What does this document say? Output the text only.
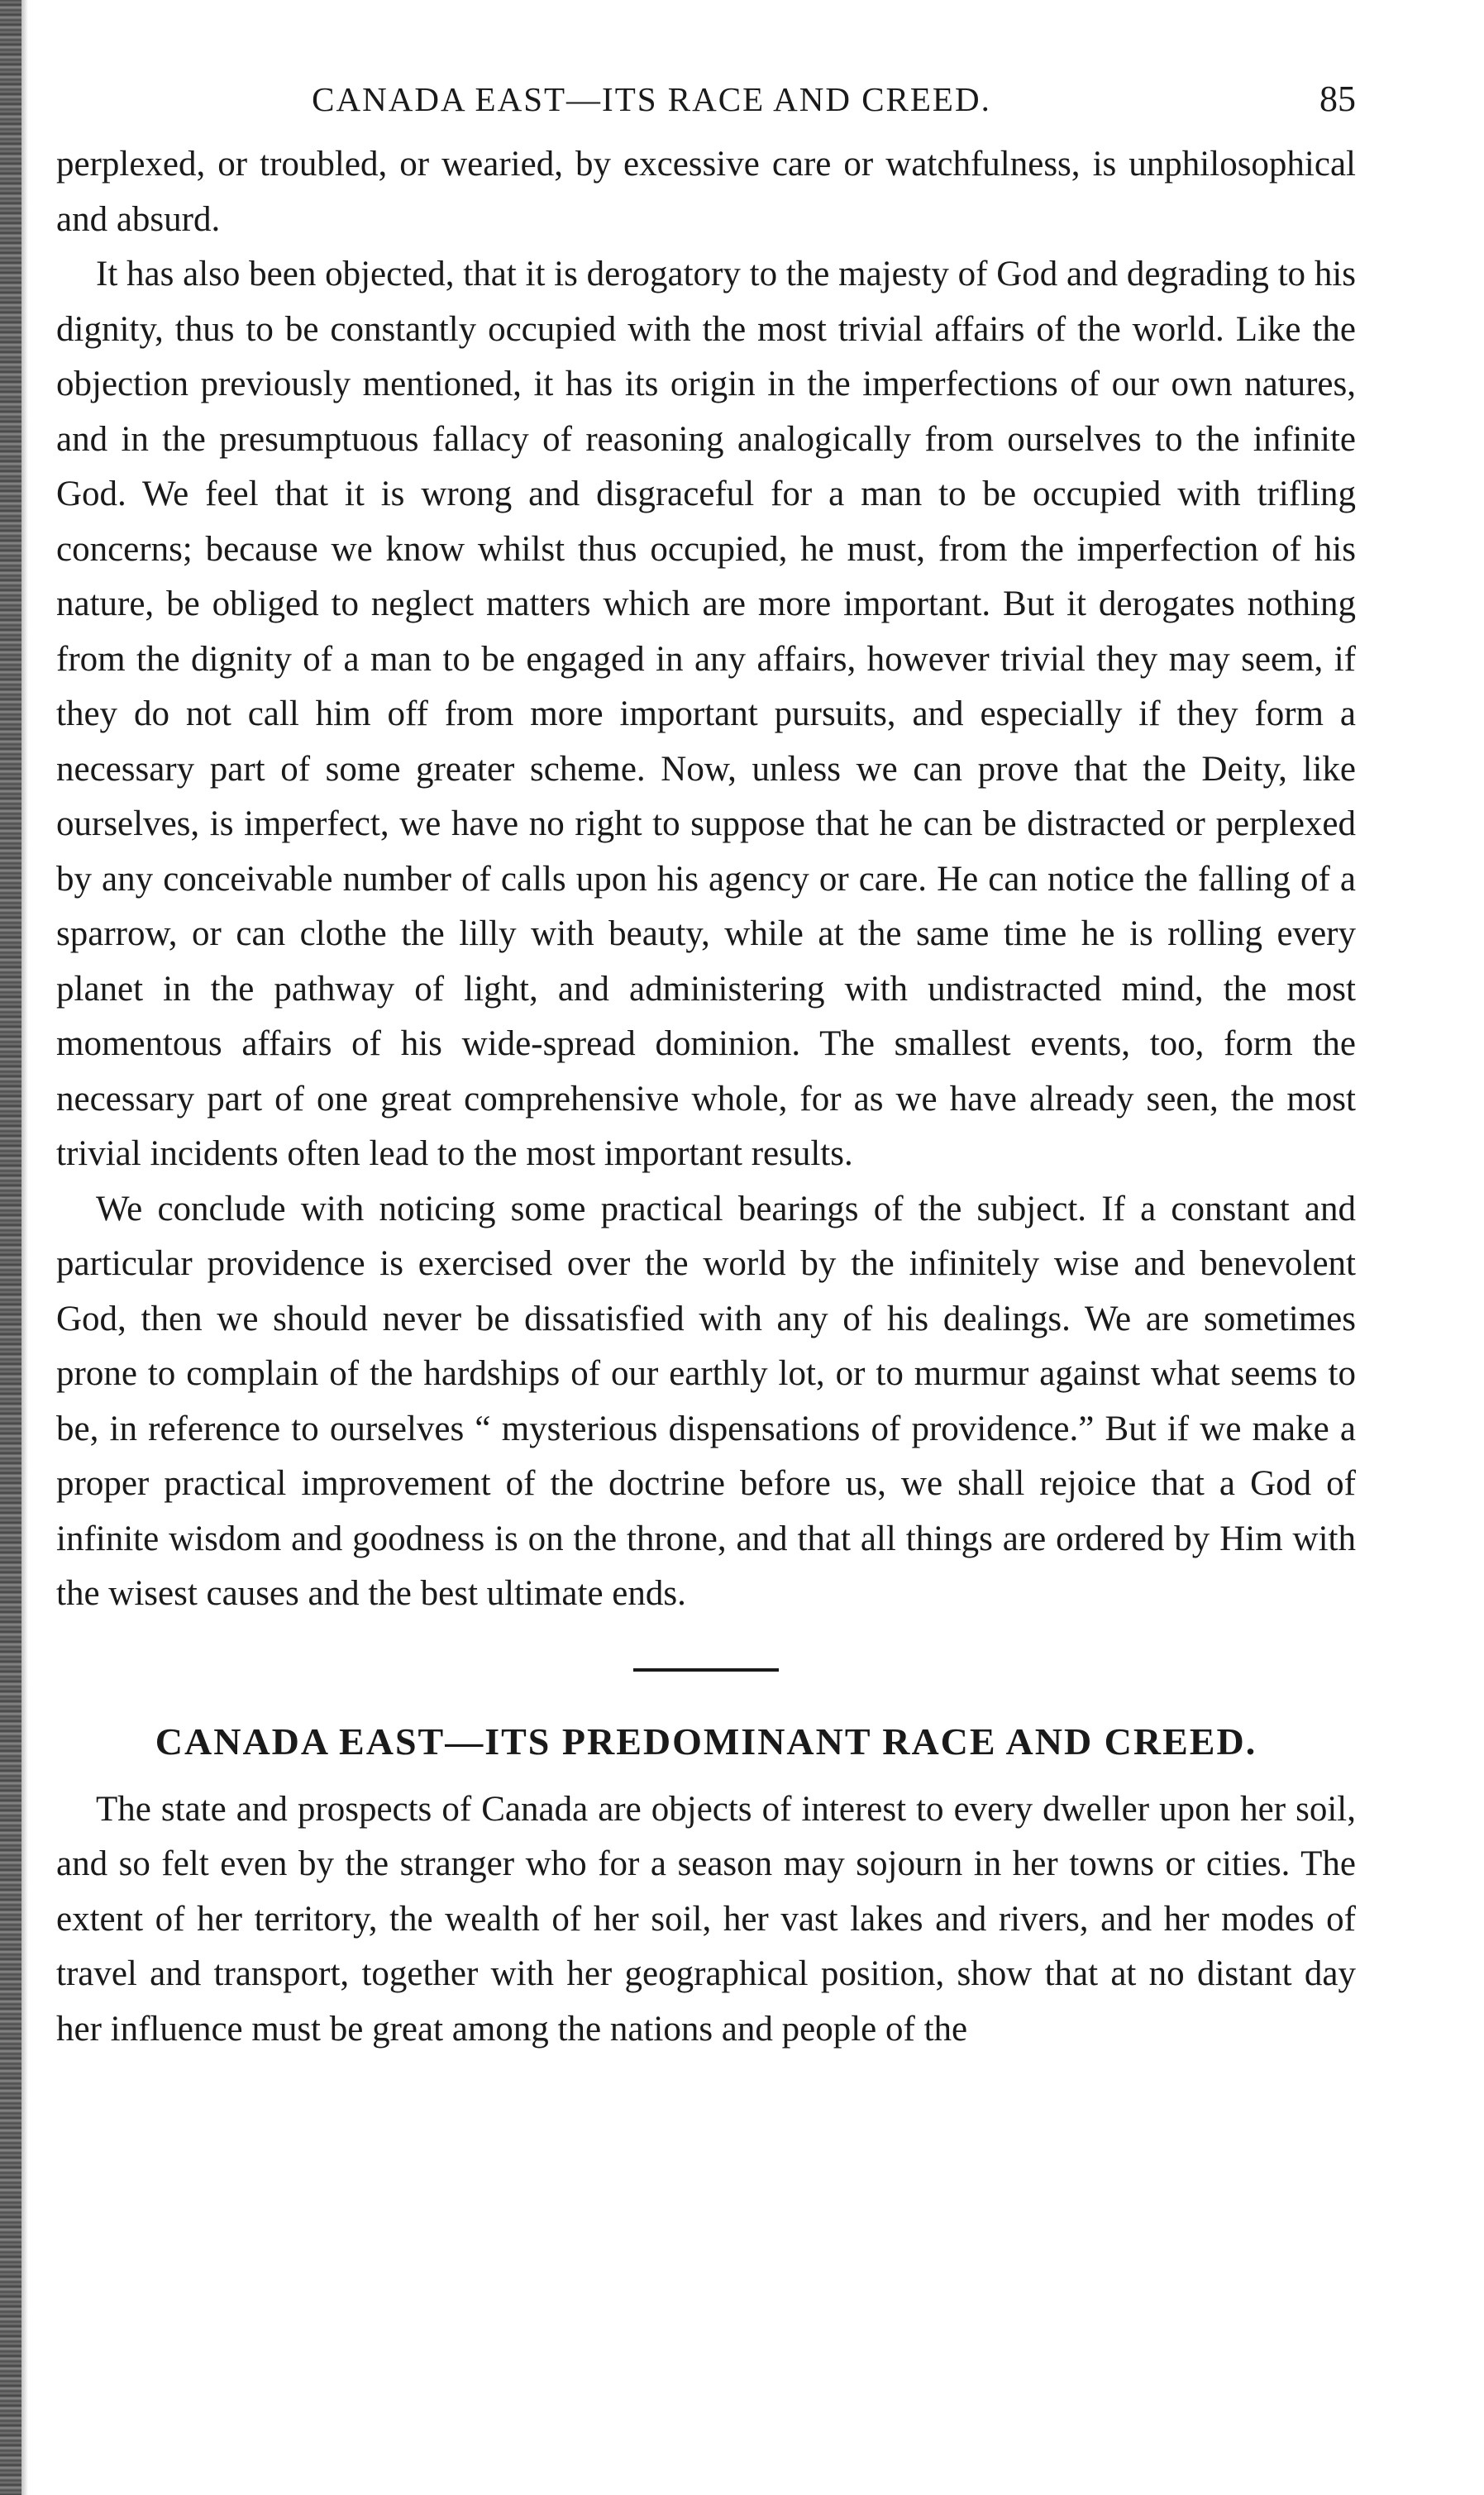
CANADA EAST—ITS RACE AND CREED.	85

perplexed, or troubled, or wearied, by excessive care or watchfulness, is unphilosophical and absurd.

It has also been objected, that it is derogatory to the majesty of God and degrading to his dignity, thus to be constantly occupied with the most trivial affairs of the world. Like the objection previously mentioned, it has its origin in the imperfections of our own natures, and in the presumptuous fallacy of reasoning analogically from ourselves to the infinite God. We feel that it is wrong and disgraceful for a man to be occupied with trifling concerns; because we know whilst thus occupied, he must, from the imperfection of his nature, be obliged to neglect matters which are more important. But it derogates nothing from the dignity of a man to be engaged in any affairs, however trivial they may seem, if they do not call him off from more important pursuits, and especially if they form a necessary part of some greater scheme. Now, unless we can prove that the Deity, like ourselves, is imperfect, we have no right to suppose that he can be distracted or perplexed by any conceivable number of calls upon his agency or care. He can notice the falling of a sparrow, or can clothe the lilly with beauty, while at the same time he is rolling every planet in the pathway of light, and administering with undistracted mind, the most momentous affairs of his wide-spread dominion. The smallest events, too, form the necessary part of one great comprehensive whole, for as we have already seen, the most trivial incidents often lead to the most important results.

We conclude with noticing some practical bearings of the subject. If a constant and particular providence is exercised over the world by the infinitely wise and benevolent God, then we should never be dissatisfied with any of his dealings. We are sometimes prone to complain of the hardships of our earthly lot, or to murmur against what seems to be, in reference to ourselves “ mysterious dispensations of providence.” But if we make a proper practical improvement of the doctrine before us, we shall rejoice that a God of infinite wisdom and goodness is on the throne, and that all things are ordered by Him with the wisest causes and the best ultimate ends.

CANADA EAST—ITS PREDOMINANT RACE AND CREED.

The state and prospects of Canada are objects of interest to every dweller upon her soil, and so felt even by the stranger who for a season may sojourn in her towns or cities. The extent of her territory, the wealth of her soil, her vast lakes and rivers, and her modes of travel and transport, together with her geographical position, show that at no distant day her influence must be great among the nations and people of the
